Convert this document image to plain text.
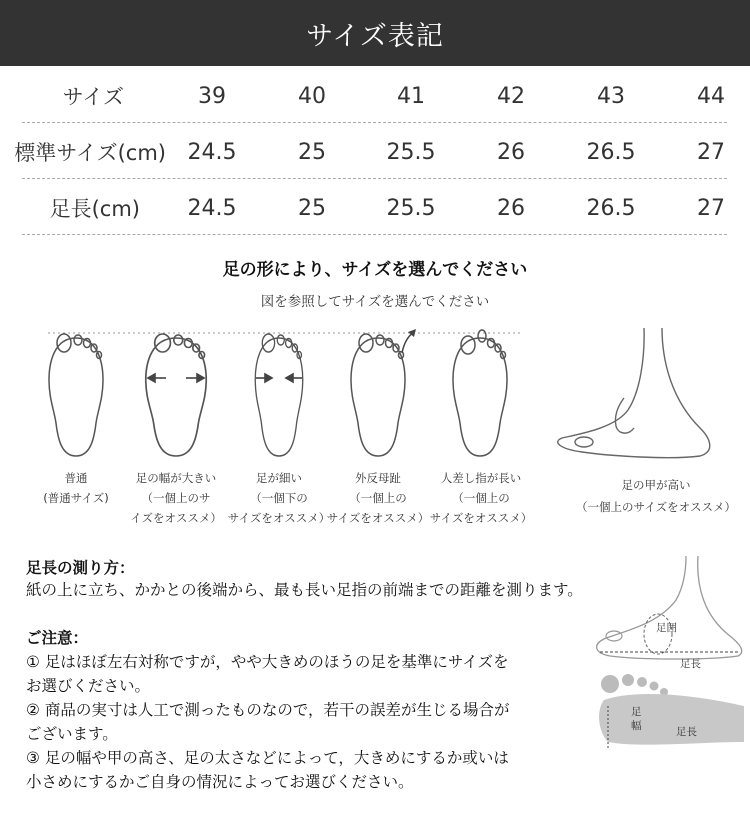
サイズ表記
サイズ	39	40	41	42	43	44
標準サイズ(cm) 24.5	25	25.5	26	26.5	27
足長(cm)	24.5	25	25.5	26	26.5	27
足の形により、サイズを選んでください
図を参照してサイズを選んでください
普通
(普通サイズ)
足の幅が大きい
（一個上のサ
イズをオススメ）
足が細い
（一個下の
サイズをオススメ）
外反母趾
（一個上の
サイズをオススメ）
人差し指が長い
（一個上の
サイズをオススメ）
足の甲が高い
（一個上のサイズをオススメ）
足囲
足長
足長
足幅
足長の測り方：
紙の上に立ち、かかとの後端から、最も長い足指の前端までの距離を測ります。
ご注意：
① 足はほぼ左右対称ですが，やや大きめのほうの足を基準にサイズを
お選びください。
② 商品の実寸は人工で測ったものなので，若干の誤差が生じる場合が
ございます。
③ 足の幅や甲の高さ、足の太さなどによって，大きめにするか或いは
小さめにするかご自身の情況によってお選びください。
